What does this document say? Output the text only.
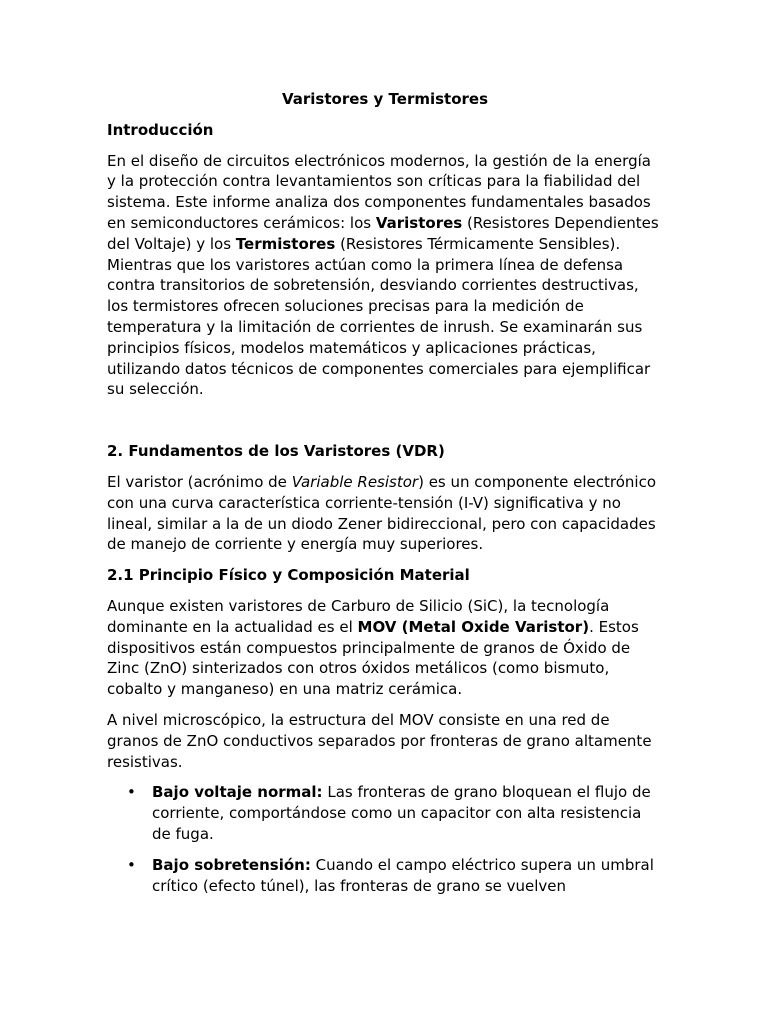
Varistores y Termistores
Introducción

En el diseño de circuitos electrónicos modernos, la gestión de la energía y la protección contra levantamientos son críticas para la fiabilidad del sistema. Este informe analiza dos componentes fundamentales basados en semiconductores cerámicos: los Varistores (Resistores Dependientes del Voltaje) y los Termistores (Resistores Térmicamente Sensibles). Mientras que los varistores actúan como la primera línea de defensa contra transitorios de sobretensión, desviando corrientes destructivas, los termistores ofrecen soluciones precisas para la medición de temperatura y la limitación de corrientes de inrush. Se examinarán sus principios físicos, modelos matemáticos y aplicaciones prácticas, utilizando datos técnicos de componentes comerciales para ejemplificar su selección.

2. Fundamentos de los Varistores (VDR)

El varistor (acrónimo de Variable Resistor) es un componente electrónico con una curva característica corriente-tensión (I-V) significativa y no lineal, similar a la de un diodo Zener bidireccional, pero con capacidades de manejo de corriente y energía muy superiores.

2.1 Principio Físico y Composición Material

Aunque existen varistores de Carburo de Silicio (SiC), la tecnología dominante en la actualidad es el MOV (Metal Oxide Varistor). Estos dispositivos están compuestos principalmente de granos de Óxido de Zinc (ZnO) sinterizados con otros óxidos metálicos (como bismuto, cobalto y manganeso) en una matriz cerámica.

A nivel microscópico, la estructura del MOV consiste en una red de granos de ZnO conductivos separados por fronteras de grano altamente resistivas.

• Bajo voltaje normal: Las fronteras de grano bloquean el flujo de corriente, comportándose como un capacitor con alta resistencia de fuga.
• Bajo sobretensión: Cuando el campo eléctrico supera un umbral crítico (efecto túnel), las fronteras de grano se vuelven
